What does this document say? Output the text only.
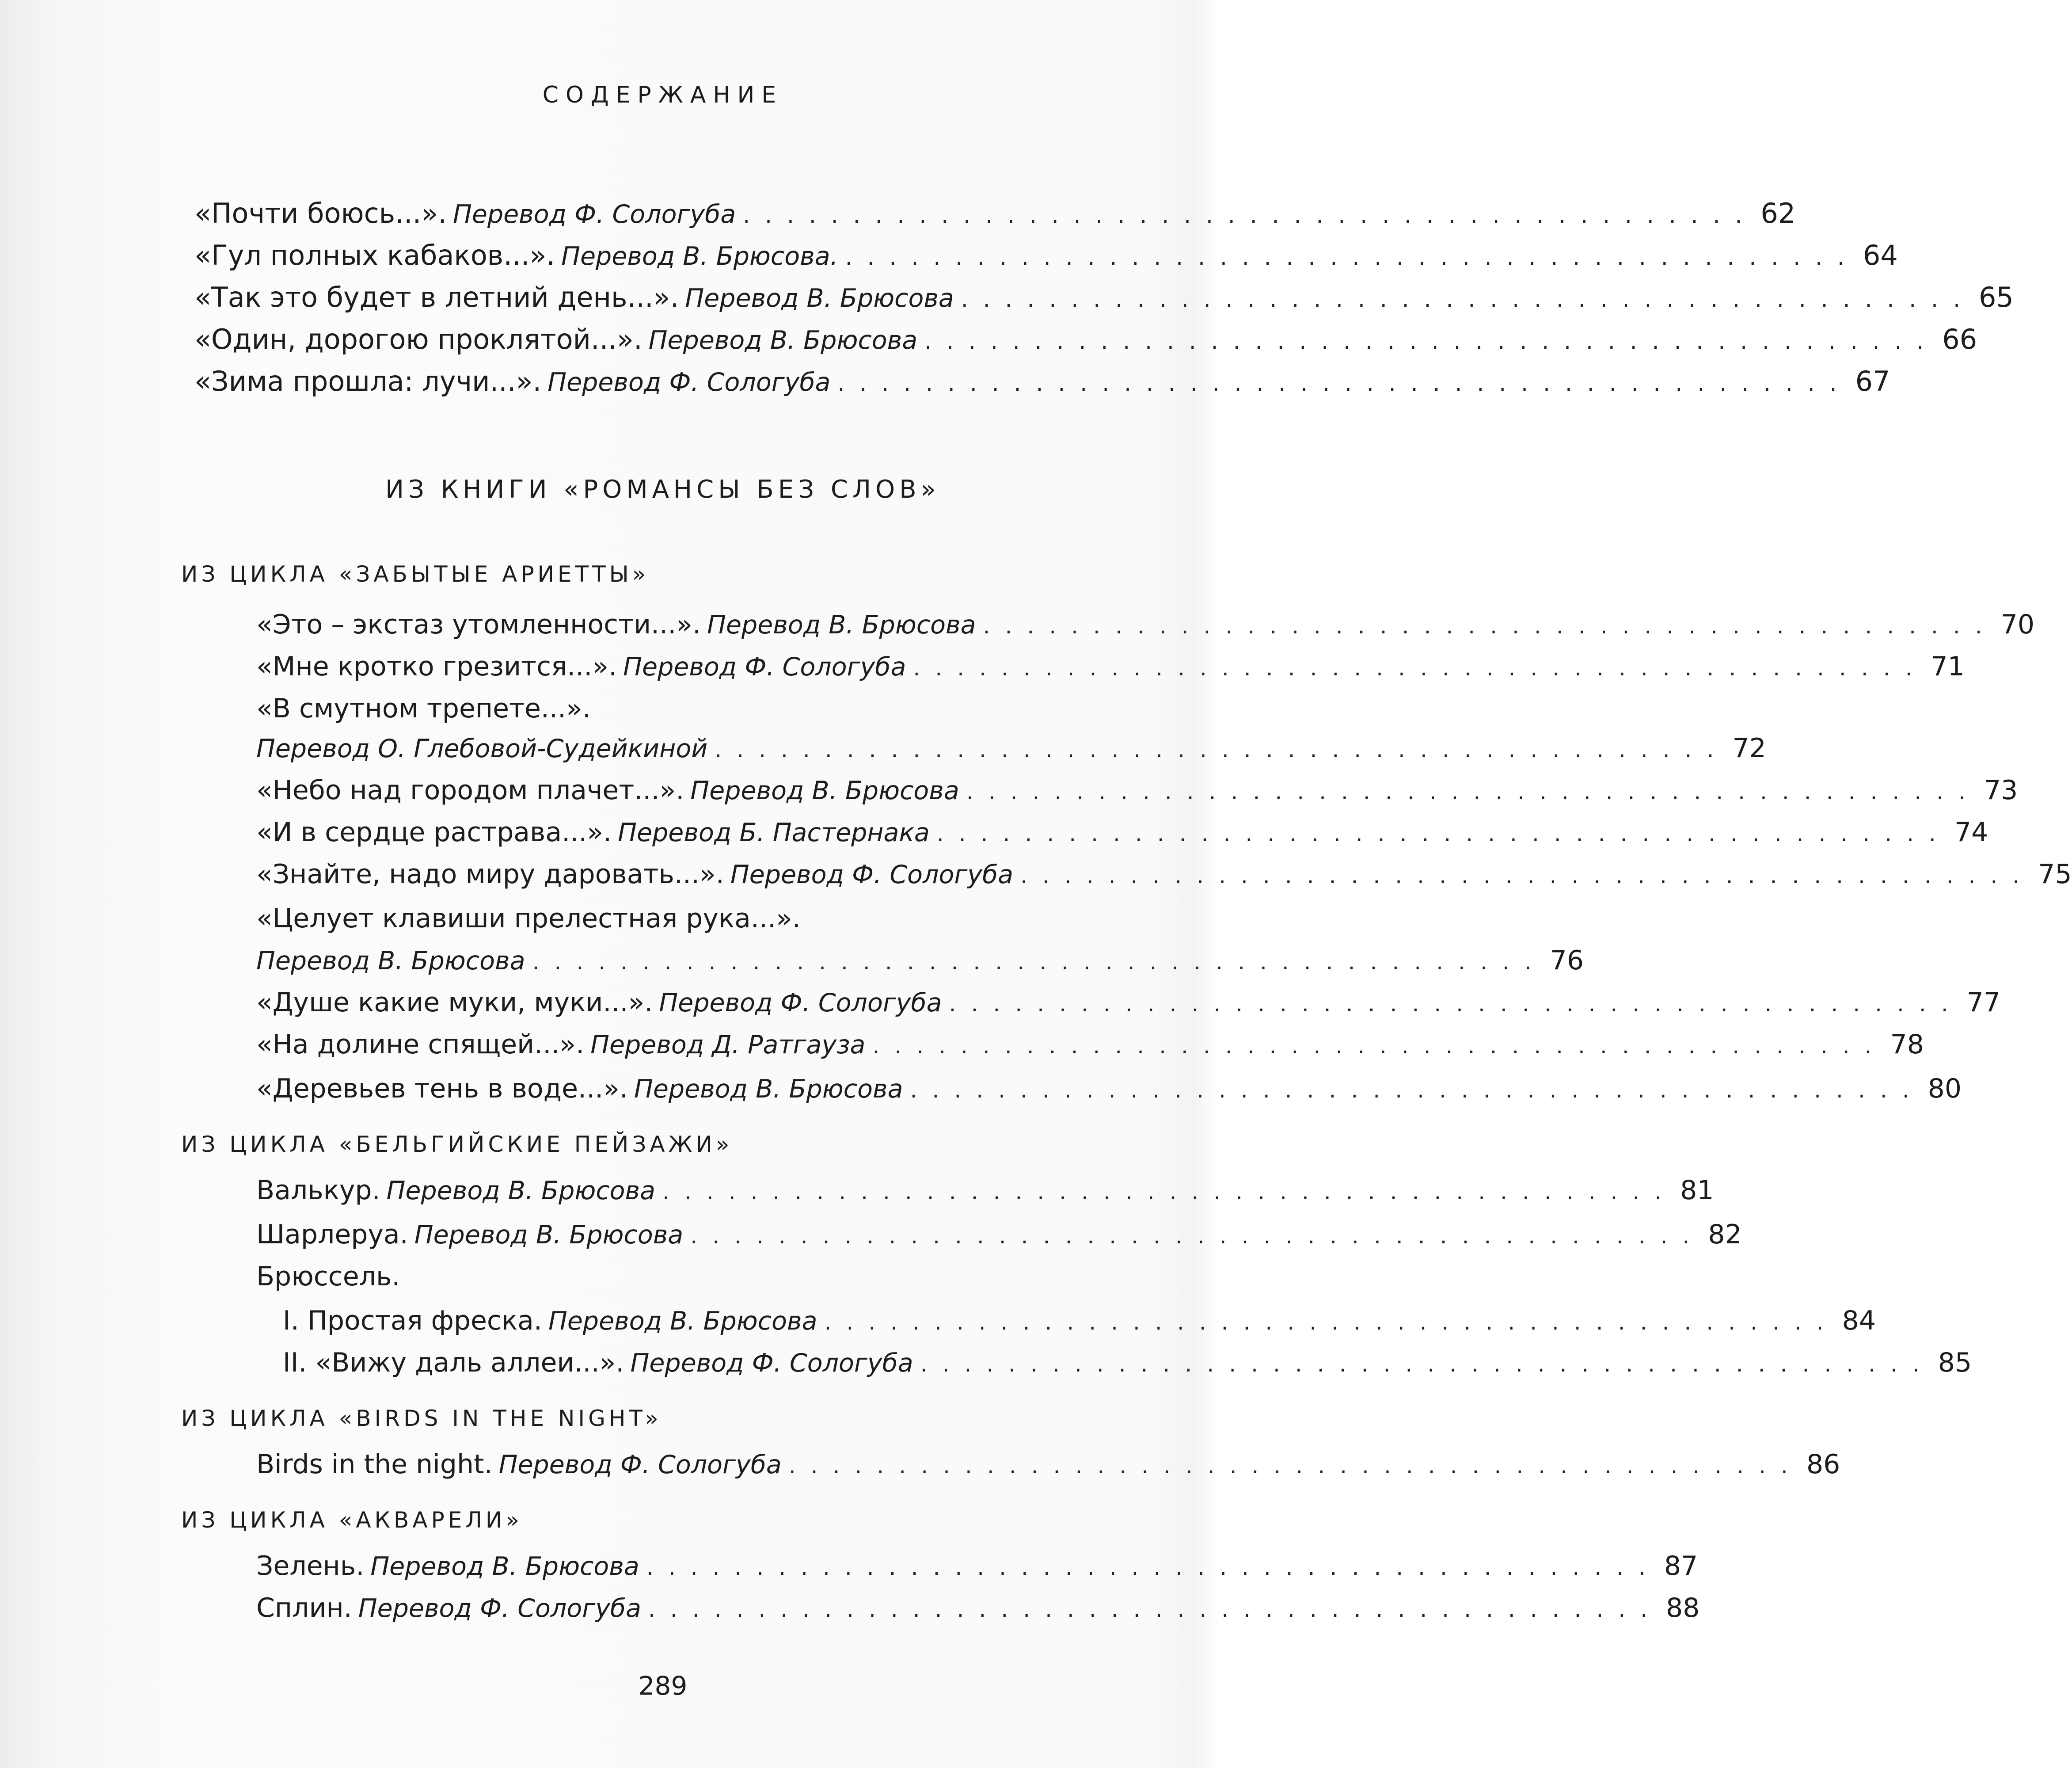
СОДЕРЖАНИЕ
«Почти боюсь...». Перевод Ф. Сологуба .............................................. 62
«Гул полных кабаков...». Перевод В. Брюсова. .............................................. 64
«Так это будет в летний день...». Перевод В. Брюсова .............................................. 65
«Один, дорогою проклятой...». Перевод В. Брюсова .............................................. 66
«Зима прошла: лучи...». Перевод Ф. Сологуба .............................................. 67
ИЗ КНИГИ «РОМАНСЫ БЕЗ СЛОВ»
ИЗ ЦИКЛА «ЗАБЫТЫЕ АРИЕТТЫ»
«Это – экстаз утомленности...». Перевод В. Брюсова .............................................. 70
«Мне кротко грезится...». Перевод Ф. Сологуба .............................................. 71
«В смутном трепете...».
Перевод О. Глебовой-Судейкиной .............................................. 72
«Небо над городом плачет...». Перевод В. Брюсова .............................................. 73
«И в сердце растрава...». Перевод Б. Пастернака .............................................. 74
«Знайте, надо миру даровать...». Перевод Ф. Сологуба .............................................. 75
«Целует клавиши прелестная рука...».
Перевод В. Брюсова .............................................. 76
«Душе какие муки, муки...». Перевод Ф. Сологуба .............................................. 77
«На долине спящей...». Перевод Д. Ратгауза .............................................. 78
«Деревьев тень в воде...». Перевод В. Брюсова .............................................. 80
ИЗ ЦИКЛА «БЕЛЬГИЙСКИЕ ПЕЙЗАЖИ»
Валькур. Перевод В. Брюсова .............................................. 81
Шарлеруа. Перевод В. Брюсова .............................................. 82
Брюссель.
I. Простая фреска. Перевод В. Брюсова .............................................. 84
II. «Вижу даль аллеи...». Перевод Ф. Сологуба .............................................. 85
ИЗ ЦИКЛА «BIRDS IN THE NIGHT»
Birds in the night. Перевод Ф. Сологуба .............................................. 86
ИЗ ЦИКЛА «АКВАРЕЛИ»
Зелень. Перевод В. Брюсова .............................................. 87
Сплин. Перевод Ф. Сологуба .............................................. 88
289
